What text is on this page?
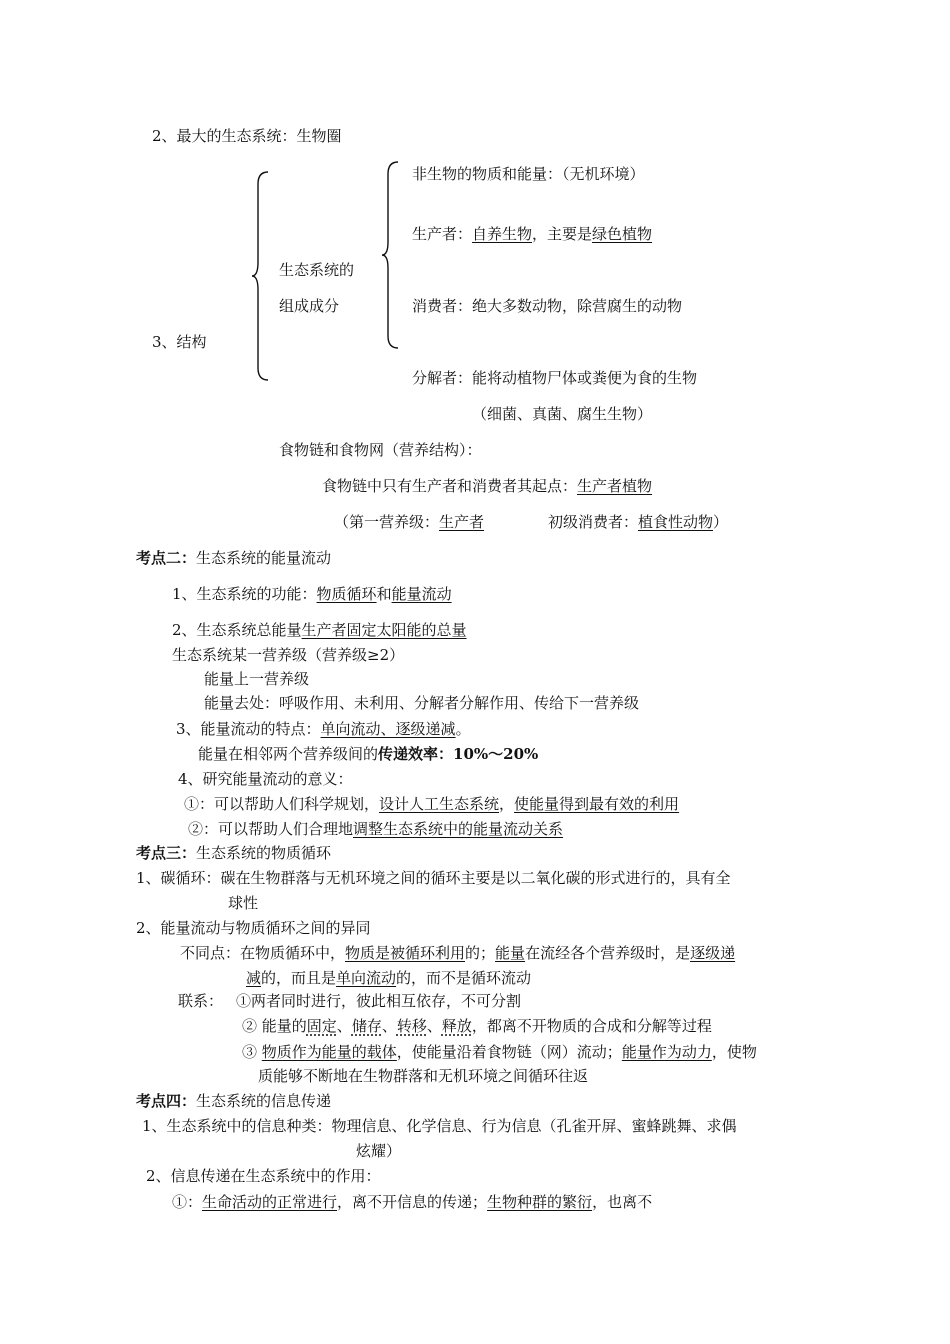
2、最大的生态系统：生物圈
非生物的物质和能量：（无机环境）
生产者：自养生物，主要是绿色植物
生态系统的
组成成分	消费者：绝大多数动物，除营腐生的动物
3、结构
分解者：能将动植物尸体或粪便为食的生物
（细菌、真菌、腐生生物）
食物链和食物网（营养结构）：
食物链中只有生产者和消费者其起点：生产者植物
（第一营养级：生产者	初级消费者：植食性动物）
考点二：生态系统的能量流动
1、生态系统的功能：物质循环和能量流动
2、生态系统总能量生产者固定太阳能的总量
生态系统某一营养级（营养级≥2）
能量上一营养级
能量去处：呼吸作用、未利用、分解者分解作用、传给下一营养级
3、能量流动的特点：单向流动、逐级递减。
能量在相邻两个营养级间的传递效率：10%～20%
4、研究能量流动的意义：
①：可以帮助人们科学规划，设计人工生态系统，使能量得到最有效的利用
②：可以帮助人们合理地调整生态系统中的能量流动关系
考点三：生态系统的物质循环
1、碳循环：碳在生物群落与无机环境之间的循环主要是以二氧化碳的形式进行的，具有全
球性
2、能量流动与物质循环之间的异同
不同点：在物质循环中，物质是被循环利用的；能量在流经各个营养级时，是逐级递
减的，而且是单向流动的，而不是循环流动
联系： ①两者同时进行，彼此相互依存，不可分割
② 能量的固定、储存、转移、释放，都离不开物质的合成和分解等过程
③ 物质作为能量的载体，使能量沿着食物链（网）流动；能量作为动力，使物
质能够不断地在生物群落和无机环境之间循环往返
考点四：生态系统的信息传递
1、生态系统中的信息种类：物理信息、化学信息、行为信息（孔雀开屏、蜜蜂跳舞、求偶
炫耀）
2、信息传递在生态系统中的作用：
①：生命活动的正常进行，离不开信息的传递；生物种群的繁衍，也离不
